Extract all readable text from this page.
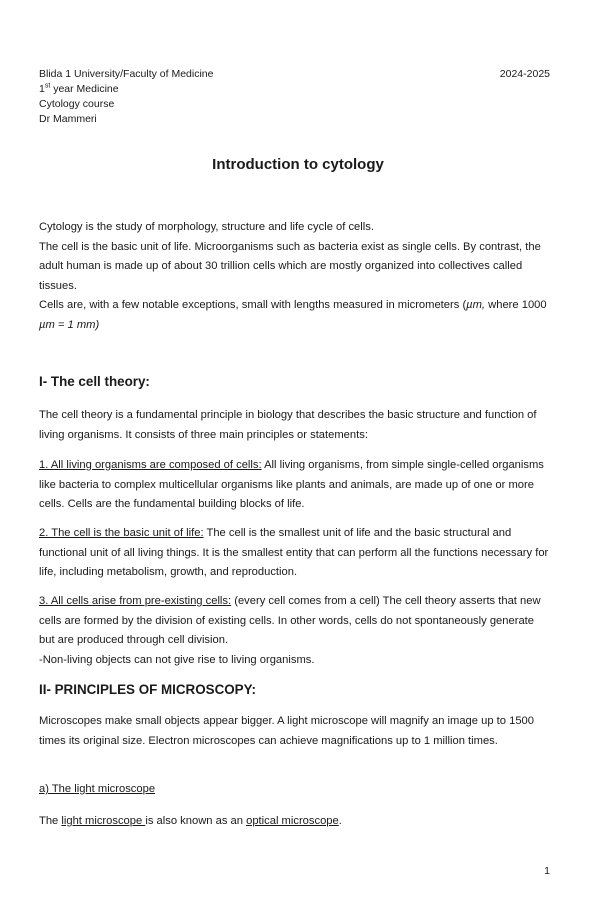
Blida 1 University/Faculty of Medicine
1st year Medicine
Cytology course
Dr Mammeri
2024-2025
Introduction to cytology

Cytology is the study of morphology, structure and life cycle of cells.

The cell is the basic unit of life. Microorganisms such as bacteria exist as single cells. By contrast, the adult human is made up of about 30 trillion cells which are mostly organized into collectives called tissues.

Cells are, with a few notable exceptions, small with lengths measured in micrometers (µm, where 1000 µm = 1 mm)

I- The cell theory:

The cell theory is a fundamental principle in biology that describes the basic structure and function of living organisms. It consists of three main principles or statements:

1. All living organisms are composed of cells: All living organisms, from simple single-celled organisms like bacteria to complex multicellular organisms like plants and animals, are made up of one or more cells. Cells are the fundamental building blocks of life.

2. The cell is the basic unit of life: The cell is the smallest unit of life and the basic structural and functional unit of all living things. It is the smallest entity that can perform all the functions necessary for life, including metabolism, growth, and reproduction.

3. All cells arise from pre-existing cells: (every cell comes from a cell) The cell theory asserts that new cells are formed by the division of existing cells. In other words, cells do not spontaneously generate but are produced through cell division.

-Non-living objects can not give rise to living organisms.

II- PRINCIPLES OF MICROSCOPY:

Microscopes make small objects appear bigger. A light microscope will magnify an image up to 1500 times its original size. Electron microscopes can achieve magnifications up to 1 million times.

a) The light microscope

The light microscope is also known as an optical microscope.

1
